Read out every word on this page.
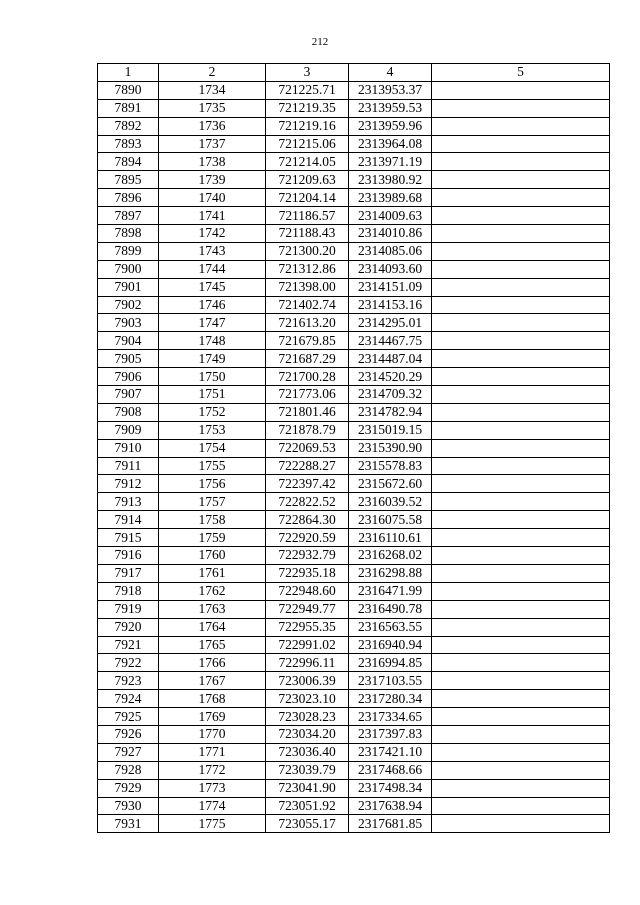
212
1	2	3	4	5
7890	1734	721225.71	2313953.37	
7891	1735	721219.35	2313959.53	
7892	1736	721219.16	2313959.96	
7893	1737	721215.06	2313964.08	
7894	1738	721214.05	2313971.19	
7895	1739	721209.63	2313980.92	
7896	1740	721204.14	2313989.68	
7897	1741	721186.57	2314009.63	
7898	1742	721188.43	2314010.86	
7899	1743	721300.20	2314085.06	
7900	1744	721312.86	2314093.60	
7901	1745	721398.00	2314151.09	
7902	1746	721402.74	2314153.16	
7903	1747	721613.20	2314295.01	
7904	1748	721679.85	2314467.75	
7905	1749	721687.29	2314487.04	
7906	1750	721700.28	2314520.29	
7907	1751	721773.06	2314709.32	
7908	1752	721801.46	2314782.94	
7909	1753	721878.79	2315019.15	
7910	1754	722069.53	2315390.90	
7911	1755	722288.27	2315578.83	
7912	1756	722397.42	2315672.60	
7913	1757	722822.52	2316039.52	
7914	1758	722864.30	2316075.58	
7915	1759	722920.59	2316110.61	
7916	1760	722932.79	2316268.02	
7917	1761	722935.18	2316298.88	
7918	1762	722948.60	2316471.99	
7919	1763	722949.77	2316490.78	
7920	1764	722955.35	2316563.55	
7921	1765	722991.02	2316940.94	
7922	1766	722996.11	2316994.85	
7923	1767	723006.39	2317103.55	
7924	1768	723023.10	2317280.34	
7925	1769	723028.23	2317334.65	
7926	1770	723034.20	2317397.83	
7927	1771	723036.40	2317421.10	
7928	1772	723039.79	2317468.66	
7929	1773	723041.90	2317498.34	
7930	1774	723051.92	2317638.94	
7931	1775	723055.17	2317681.85	
